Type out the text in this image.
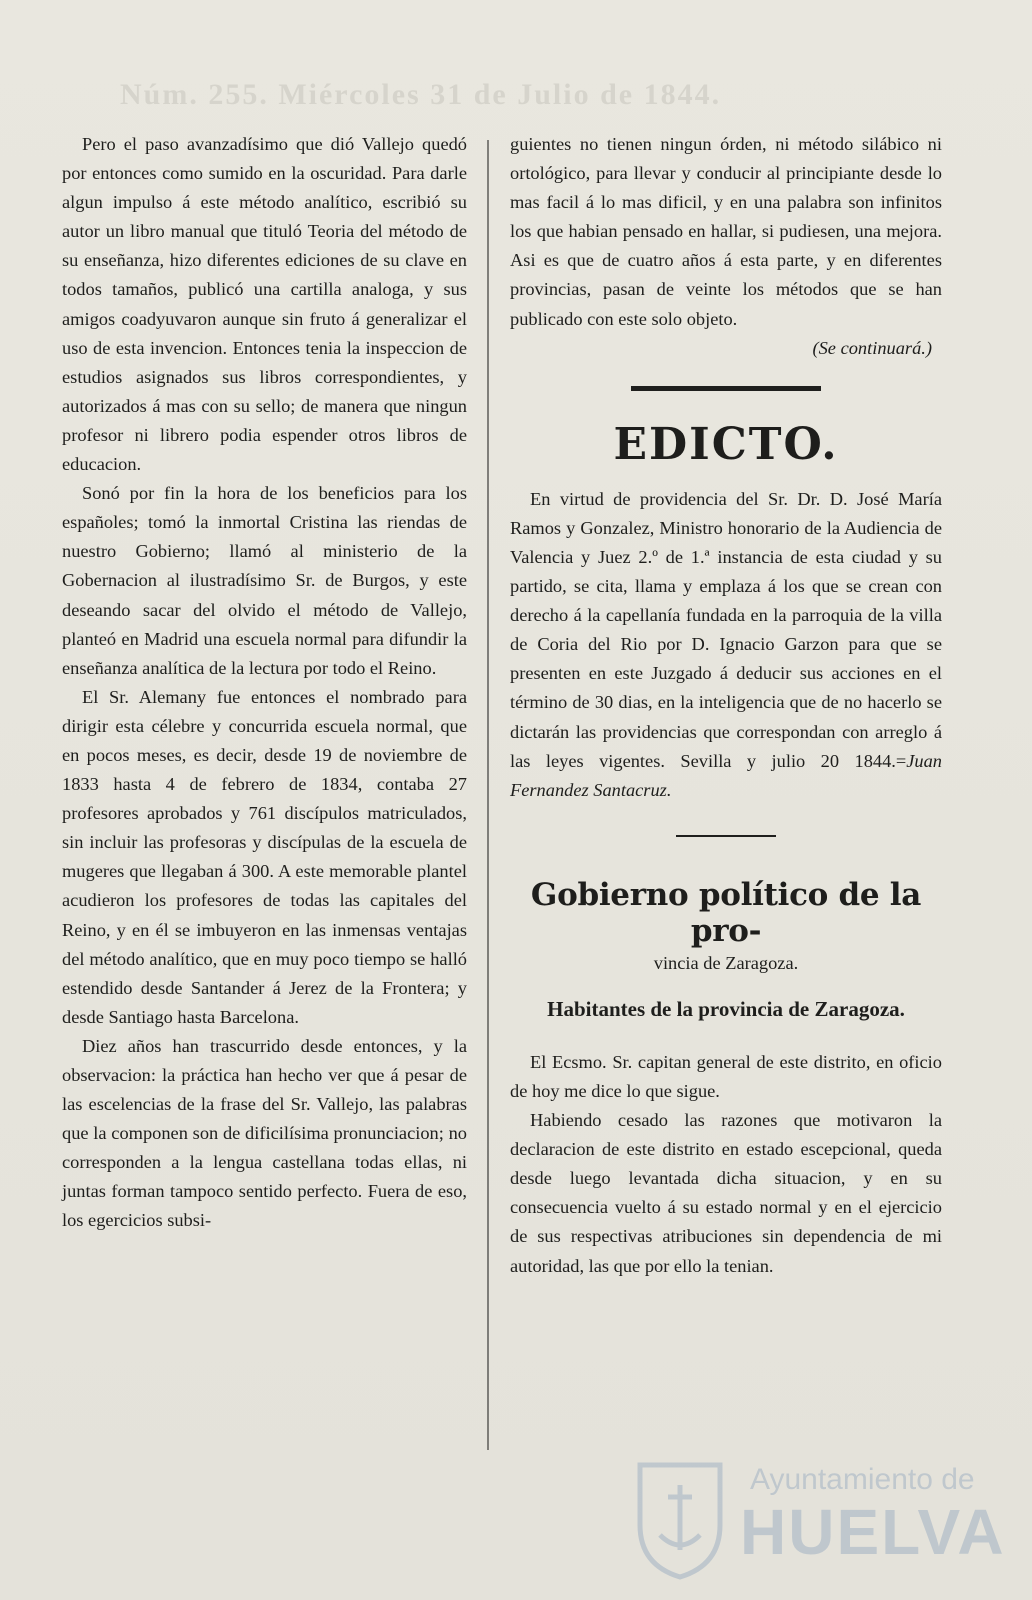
Núm. 255. Miércoles 31 de Julio de 1844.

Pero el paso avanzadísimo que dió Vallejo quedó por entonces como sumido en la oscuridad. Para darle algun impulso á este método analítico, escribió su autor un libro manual que tituló Teoria del método de su enseñanza, hizo diferentes ediciones de su clave en todos tamaños, publicó una cartilla analoga, y sus amigos coadyuvaron aunque sin fruto á generalizar el uso de esta invencion. Entonces tenia la inspeccion de estudios asignados sus libros correspondientes, y autorizados á mas con su sello; de manera que ningun profesor ni librero podia espender otros libros de educacion.

Sonó por fin la hora de los beneficios para los españoles; tomó la inmortal Cristina las riendas de nuestro Gobierno; llamó al ministerio de la Gobernacion al ilustradísimo Sr. de Burgos, y este deseando sacar del olvido el método de Vallejo, planteó en Madrid una escuela normal para difundir la enseñanza analítica de la lectura por todo el Reino.

El Sr. Alemany fue entonces el nombrado para dirigir esta célebre y concurrida escuela normal, que en pocos meses, es decir, desde 19 de noviembre de 1833 hasta 4 de febrero de 1834, contaba 27 profesores aprobados y 761 discípulos matriculados, sin incluir las profesoras y discípulas de la escuela de mugeres que llegaban á 300. A este memorable plantel acudieron los profesores de todas las capitales del Reino, y en él se imbuyeron en las inmensas ventajas del método analítico, que en muy poco tiempo se halló estendido desde Santander á Jerez de la Frontera; y desde Santiago hasta Barcelona.

Diez años han trascurrido desde entonces, y la observacion: la práctica han hecho ver que á pesar de las escelencias de la frase del Sr. Vallejo, las palabras que la componen son de dificilísima pronunciacion; no corresponden a la lengua castellana todas ellas, ni juntas forman tampoco sentido perfecto. Fuera de eso, los egercicios subsi-

guientes no tienen ningun órden, ni método silábico ni ortológico, para llevar y conducir al principiante desde lo mas facil á lo mas dificil, y en una palabra son infinitos los que habian pensado en hallar, si pudiesen, una mejora. Asi es que de cuatro años á esta parte, y en diferentes provincias, pasan de veinte los métodos que se han publicado con este solo objeto.

(Se continuará.)
EDICTO.

En virtud de providencia del Sr. Dr. D. José María Ramos y Gonzalez, Ministro honorario de la Audiencia de Valencia y Juez 2.º de 1.ª instancia de esta ciudad y su partido, se cita, llama y emplaza á los que se crean con derecho á la capellanía fundada en la parroquia de la villa de Coria del Rio por D. Ignacio Garzon para que se presenten en este Juzgado á deducir sus acciones en el término de 30 dias, en la inteligencia que de no hacerlo se dictarán las providencias que correspondan con arreglo á las leyes vigentes. Sevilla y julio 20 1844.=Juan Fernandez Santacruz.

Gobierno político de la pro-
vincia de Zaragoza.
Habitantes de la provincia de Zaragoza.

El Ecsmo. Sr. capitan general de este distrito, en oficio de hoy me dice lo que sigue.

Habiendo cesado las razones que motivaron la declaracion de este distrito en estado escepcional, queda desde luego levantada dicha situacion, y en su consecuencia vuelto á su estado normal y en el ejercicio de sus respectivas atribuciones sin dependencia de mi autoridad, las que por ello la tenian.

Ayuntamiento de
HUELVA
